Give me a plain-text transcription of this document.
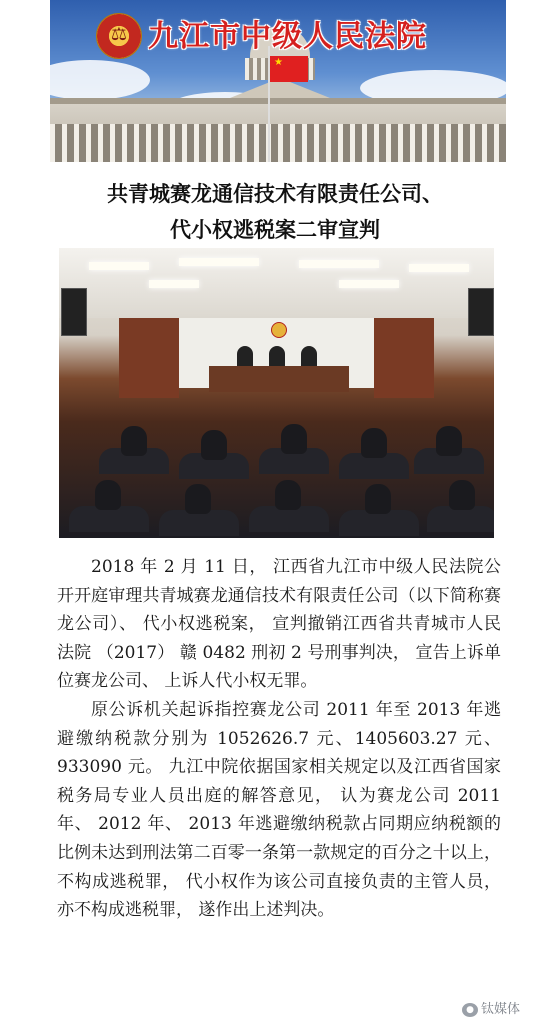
★
⚖ 九江市中级人民法院
共青城赛龙通信技术有限责任公司、
代小权逃税案二审宣判

2018 年 2 月 11 日， 江西省九江市中级人民法院公开开庭审理共青城赛龙通信技术有限责任公司（以下简称赛龙公司）、 代小权逃税案， 宣判撤销江西省共青城市人民法院 （2017） 赣 0482 刑初 2 号刑事判决， 宣告上诉单位赛龙公司、 上诉人代小权无罪。

原公诉机关起诉指控赛龙公司 2011 年至 2013 年逃避缴纳税款分别为 1052626.7 元、1405603.27 元、933090 元。 九江中院依据国家相关规定以及江西省国家税务局专业人员出庭的解答意见， 认为赛龙公司 2011 年、 2012 年、 2013 年逃避缴纳税款占同期应纳税额的比例未达到刑法第二百零一条第一款规定的百分之十以上， 不构成逃税罪， 代小权作为该公司直接负责的主管人员， 亦不构成逃税罪， 遂作出上述判决。

● 钛媒体
